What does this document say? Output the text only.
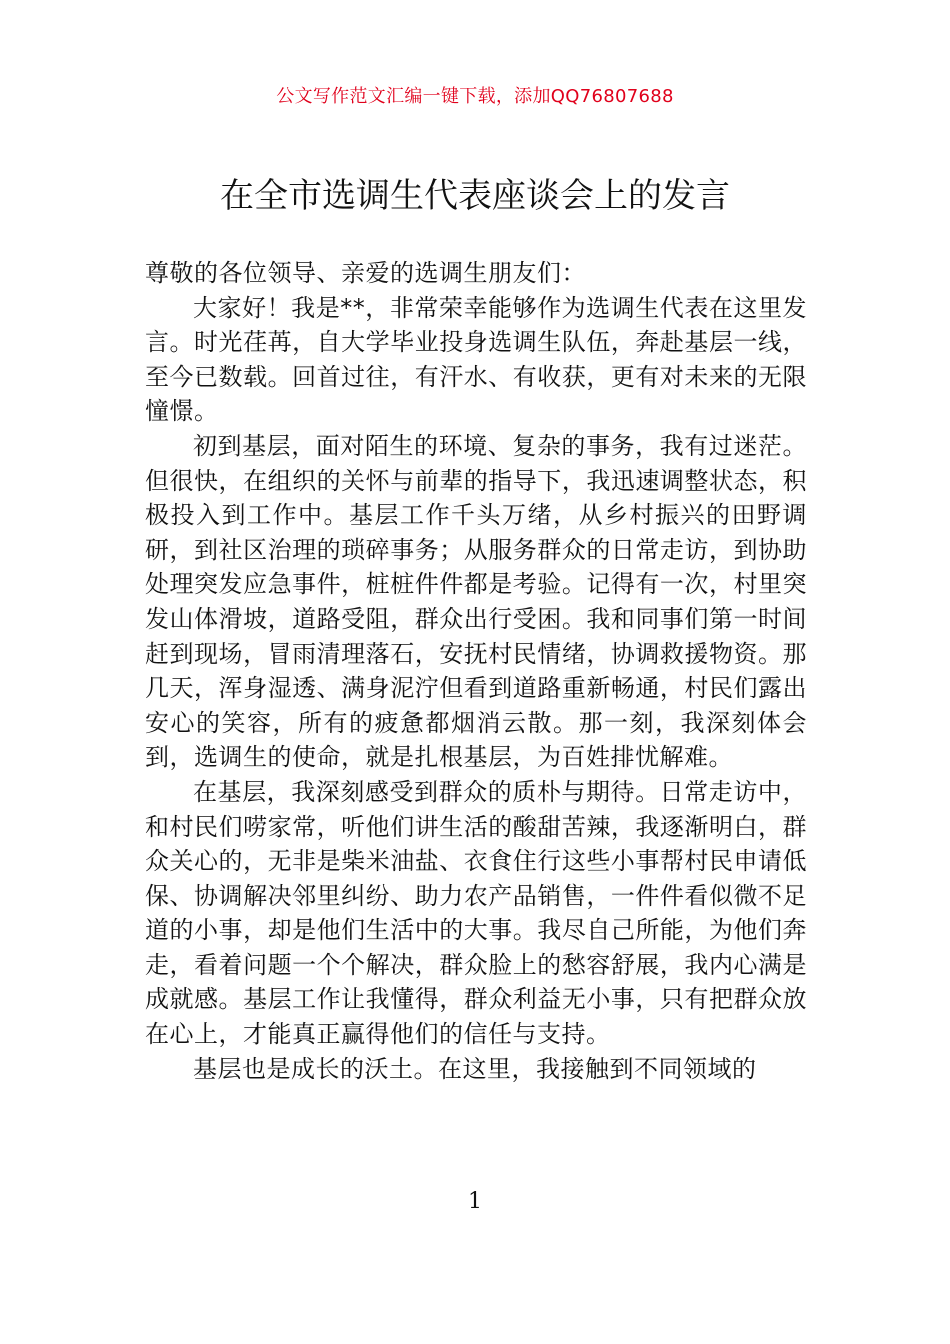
公文写作范文汇编一键下载，添加QQ76807688
在全市选调生代表座谈会上的发言

尊敬的各位领导、亲爱的选调生朋友们：

大家好！我是**，非常荣幸能够作为选调生代表在这里发言。时光荏苒，自大学毕业投身选调生队伍，奔赴基层一线，至今已数载。回首过往，有汗水、有收获，更有对未来的无限憧憬。

初到基层，面对陌生的环境、复杂的事务，我有过迷茫。但很快，在组织的关怀与前辈的指导下，我迅速调整状态，积极投入到工作中。基层工作千头万绪，从乡村振兴的田野调研，到社区治理的琐碎事务；从服务群众的日常走访，到协助处理突发应急事件，桩桩件件都是考验。记得有一次，村里突发山体滑坡，道路受阻，群众出行受困。我和同事们第一时间赶到现场，冒雨清理落石，安抚村民情绪，协调救援物资。那几天，浑身湿透、满身泥泞但看到道路重新畅通，村民们露出安心的笑容，所有的疲惫都烟消云散。那一刻，我深刻体会到，选调生的使命，就是扎根基层，为百姓排忧解难。

在基层，我深刻感受到群众的质朴与期待。日常走访中，和村民们唠家常，听他们讲生活的酸甜苦辣，我逐渐明白，群众关心的，无非是柴米油盐、衣食住行这些小事帮村民申请低保、协调解决邻里纠纷、助力农产品销售，一件件看似微不足道的小事，却是他们生活中的大事。我尽自己所能，为他们奔走，看着问题一个个解决，群众脸上的愁容舒展，我内心满是成就感。基层工作让我懂得，群众利益无小事，只有把群众放在心上，才能真正赢得他们的信任与支持。

基层也是成长的沃土。在这里，我接触到不同领域的

1
